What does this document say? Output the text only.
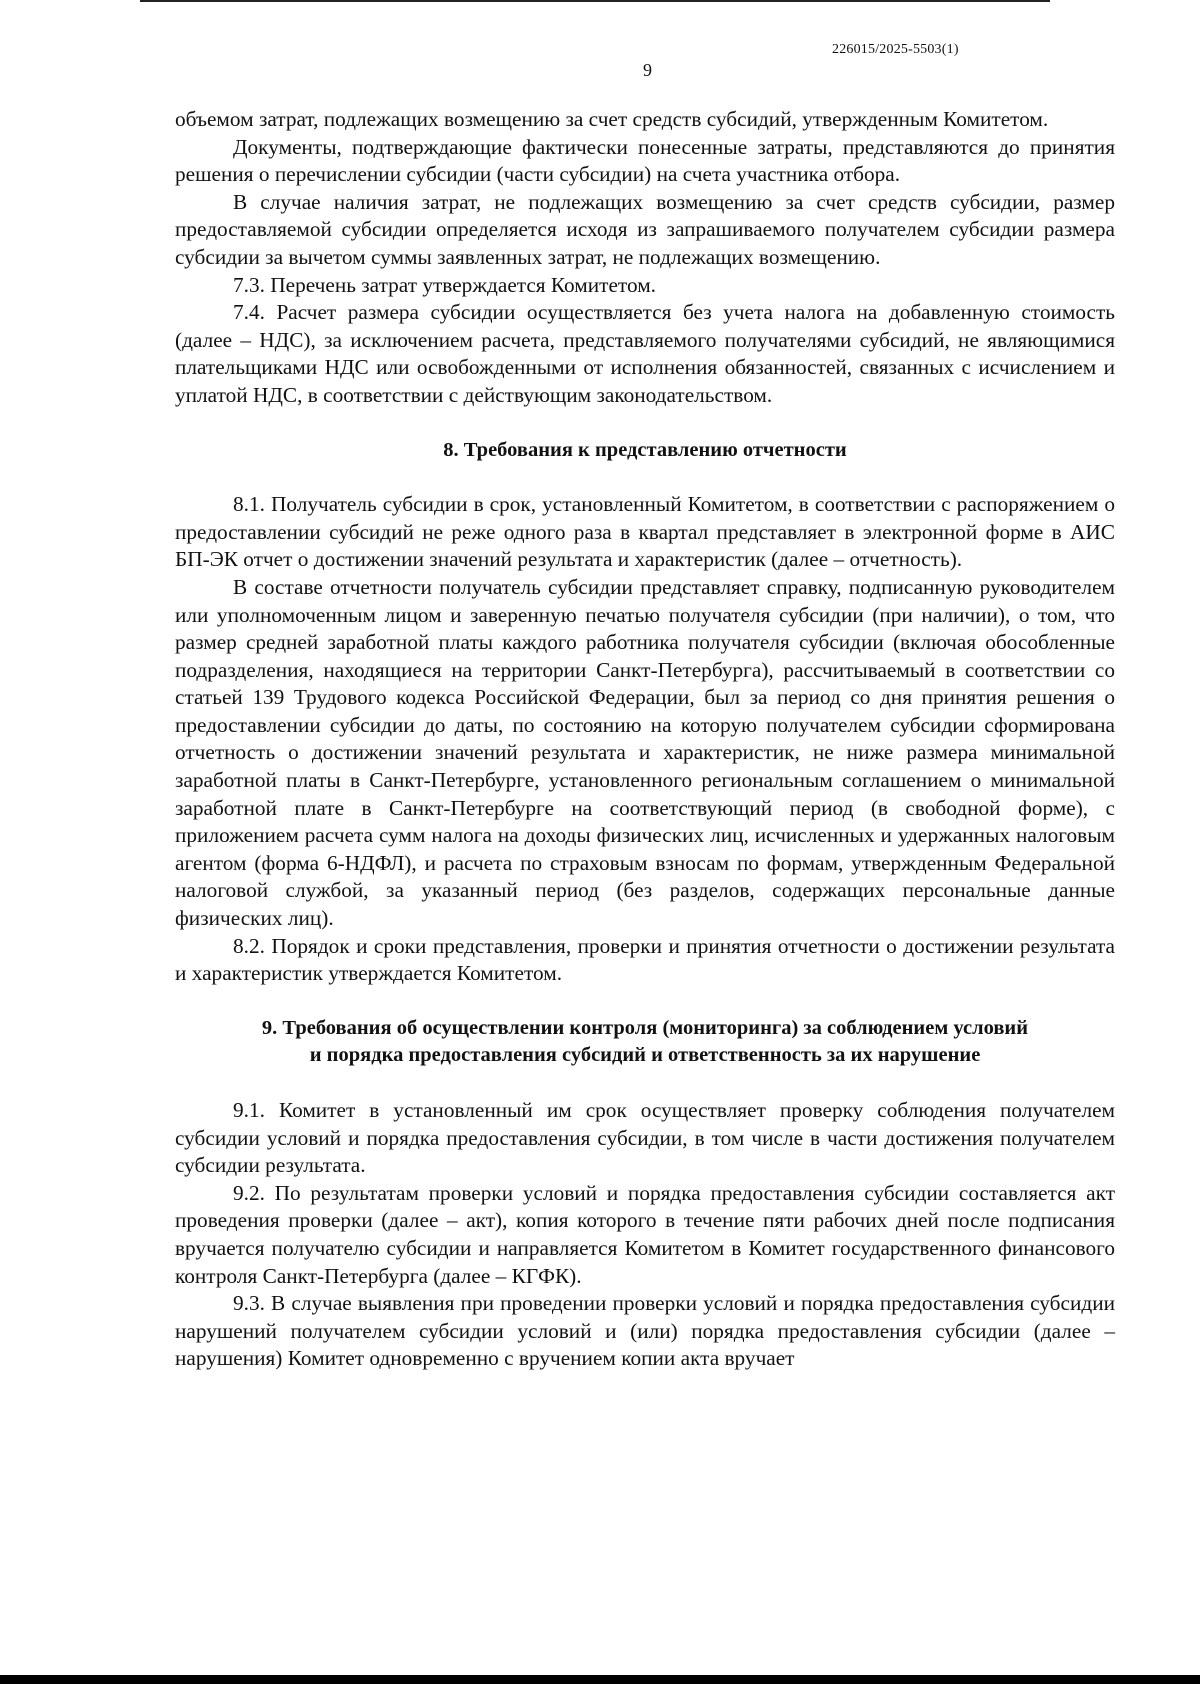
226015/2025-5503(1)
9

объемом затрат, подлежащих возмещению за счет средств субсидий, утвержденным Комитетом.

Документы, подтверждающие фактически понесенные затраты, представляются до принятия решения о перечислении субсидии (части субсидии) на счета участника отбора.

В случае наличия затрат, не подлежащих возмещению за счет средств субсидии, размер предоставляемой субсидии определяется исходя из запрашиваемого получателем субсидии размера субсидии за вычетом суммы заявленных затрат, не подлежащих возмещению.

7.3. Перечень затрат утверждается Комитетом.

7.4. Расчет размера субсидии осуществляется без учета налога на добавленную стоимость (далее – НДС), за исключением расчета, представляемого получателями субсидий, не являющимися плательщиками НДС или освобожденными от исполнения обязанностей, связанных с исчислением и уплатой НДС, в соответствии с действующим законодательством.

8. Требования к представлению отчетности

8.1. Получатель субсидии в срок, установленный Комитетом, в соответствии с распоряжением о предоставлении субсидий не реже одного раза в квартал представляет в электронной форме в АИС БП-ЭК отчет о достижении значений результата и характеристик (далее – отчетность).

В составе отчетности получатель субсидии представляет справку, подписанную руководителем или уполномоченным лицом и заверенную печатью получателя субсидии (при наличии), о том, что размер средней заработной платы каждого работника получателя субсидии (включая обособленные подразделения, находящиеся на территории Санкт-Петербурга), рассчитываемый в соответствии со статьей 139 Трудового кодекса Российской Федерации, был за период со дня принятия решения о предоставлении субсидии до даты, по состоянию на которую получателем субсидии сформирована отчетность о достижении значений результата и характеристик, не ниже размера минимальной заработной платы в Санкт-Петербурге, установленного региональным соглашением о минимальной заработной плате в Санкт-Петербурге на соответствующий период (в свободной форме), с приложением расчета сумм налога на доходы физических лиц, исчисленных и удержанных налоговым агентом (форма 6-НДФЛ), и расчета по страховым взносам по формам, утвержденным Федеральной налоговой службой, за указанный период (без разделов, содержащих персональные данные физических лиц).

8.2. Порядок и сроки представления, проверки и принятия отчетности о достижении результата и характеристик утверждается Комитетом.

9. Требования об осуществлении контроля (мониторинга) за соблюдением условий
и порядка предоставления субсидий и ответственность за их нарушение

9.1. Комитет в установленный им срок осуществляет проверку соблюдения получателем субсидии условий и порядка предоставления субсидии, в том числе в части достижения получателем субсидии результата.

9.2. По результатам проверки условий и порядка предоставления субсидии составляется акт проведения проверки (далее – акт), копия которого в течение пяти рабочих дней после подписания вручается получателю субсидии и направляется Комитетом в Комитет государственного финансового контроля Санкт-Петербурга (далее – КГФК).

9.3. В случае выявления при проведении проверки условий и порядка предоставления субсидии нарушений получателем субсидии условий и (или) порядка предоставления субсидии (далее – нарушения) Комитет одновременно с вручением копии акта вручает
